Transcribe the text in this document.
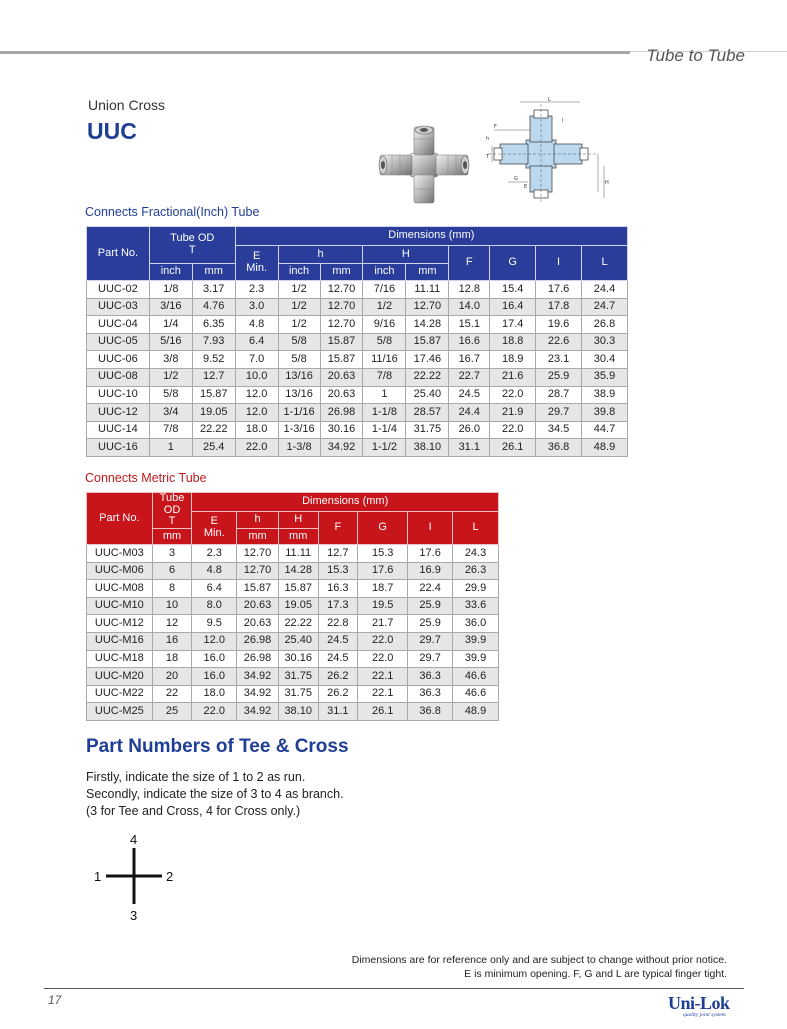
Tube to Tube
Union Cross
UUC
L
I
F
h
T
G
E
H
Connects Fractional(Inch) Tube
Part No.	Tube OD
T		Dimensions (mm)								
			E
Min.	h		H		F	G	I	L
	inch	mm		inch	mm	inch	mm				
UUC-02	1/8	3.17	2.3	1/2	12.70	7/16	11.11	12.8	15.4	17.6	24.4
UUC-03	3/16	4.76	3.0	1/2	12.70	1/2	12.70	14.0	16.4	17.8	24.7
UUC-04	1/4	6.35	4.8	1/2	12.70	9/16	14.28	15.1	17.4	19.6	26.8
UUC-05	5/16	7.93	6.4	5/8	15.87	5/8	15.87	16.6	18.8	22.6	30.3
UUC-06	3/8	9.52	7.0	5/8	15.87	11/16	17.46	16.7	18.9	23.1	30.4
UUC-08	1/2	12.7	10.0	13/16	20.63	7/8	22.22	22.7	21.6	25.9	35.9
UUC-10	5/8	15.87	12.0	13/16	20.63	1	25.40	24.5	22.0	28.7	38.9
UUC-12	3/4	19.05	12.0	1-1/16	26.98	1-1/8	28.57	24.4	21.9	29.7	39.8
UUC-14	7/8	22.22	18.0	1-3/16	30.16	1-1/4	31.75	26.0	22.0	34.5	44.7
UUC-16	1	25.4	22.0	1-3/8	34.92	1-1/2	38.10	31.1	26.1	36.8	48.9
Connects Metric Tube
Part No.	Tube OD
T	Dimensions (mm)						
		E
Min.	h	H	F	G	I	L
	mm		mm	mm				
UUC-M03	3	2.3	12.70	11.11	12.7	15.3	17.6	24.3
UUC-M06	6	4.8	12.70	14.28	15.3	17.6	16.9	26.3
UUC-M08	8	6.4	15.87	15.87	16.3	18.7	22.4	29.9
UUC-M10	10	8.0	20.63	19.05	17.3	19.5	25.9	33.6
UUC-M12	12	9.5	20.63	22.22	22.8	21.7	25.9	36.0
UUC-M16	16	12.0	26.98	25.40	24.5	22.0	29.7	39.9
UUC-M18	18	16.0	26.98	30.16	24.5	22.0	29.7	39.9
UUC-M20	20	16.0	34.92	31.75	26.2	22.1	36.3	46.6
UUC-M22	22	18.0	34.92	31.75	26.2	22.1	36.3	46.6
UUC-M25	25	22.0	34.92	38.10	31.1	26.1	36.8	48.9
Part Numbers of Tee & Cross
Firstly, indicate the size of 1 to 2 as run.
Secondly, indicate the size of 3 to 4 as branch.
(3 for Tee and Cross, 4 for Cross only.)
4
1	2
3
Dimensions are for reference only and are subject to change without prior notice.
E is minimum opening. F, G and L are typical finger tight.
17	Uni-Lok
quality joint system
